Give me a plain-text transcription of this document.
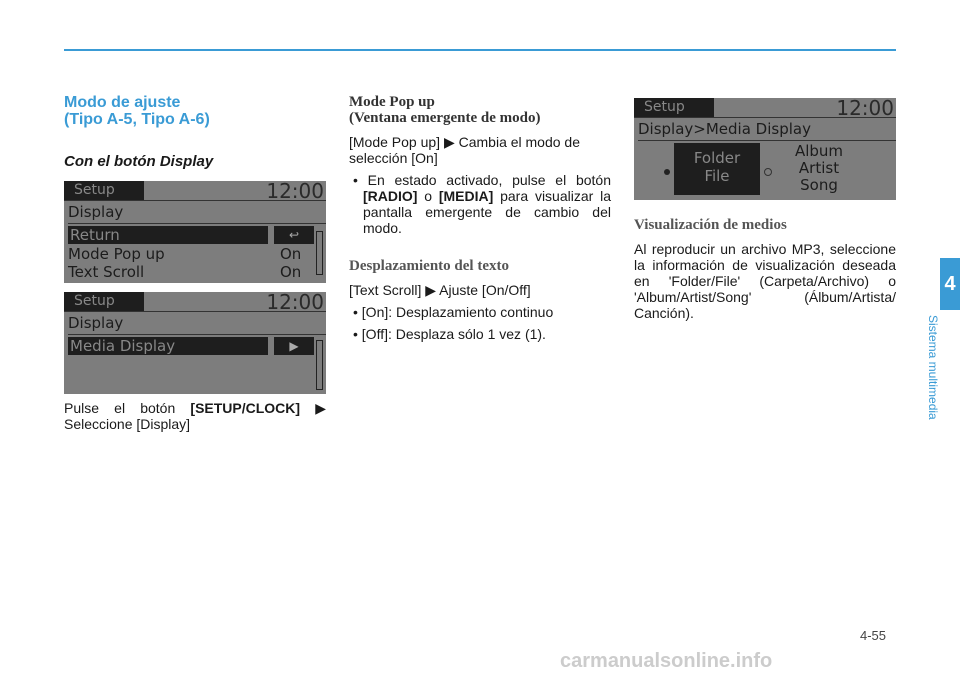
Modo de ajuste
(Tipo A-5, Tipo A-6)
Con el botón Display
Setup	12:00
Display
Return	↩
Mode Pop up	On
Text Scroll	On
Setup	12:00
Display
Media Display	▶
Pulse el botón [SETUP/CLOCK] ▶ Seleccione [Display]
Mode Pop up
(Ventana emergente de modo)

[Mode Pop up] ▶ Cambia el modo de selección [On]

• En estado activado, pulse el botón [RADIO] o [MEDIA] para visualizar la pantalla emergente de cambio del modo.

Desplazamiento del texto

[Text Scroll] ▶ Ajuste [On/Off]

• [On]: Desplazamiento continuo

• [Off]: Desplaza sólo 1 vez (1).

Setup	12:00
Display>Media Display
Folder
File
Album
Artist
Song
Visualización de medios

Al reproducir un archivo MP3, seleccione la información de visualización deseada en 'Folder/File' (Carpeta/Archivo) o 'Album/Artist/Song' (Álbum/Artista/ Canción).

4
Sistema multimedia
4-55
carmanualsonline.info
